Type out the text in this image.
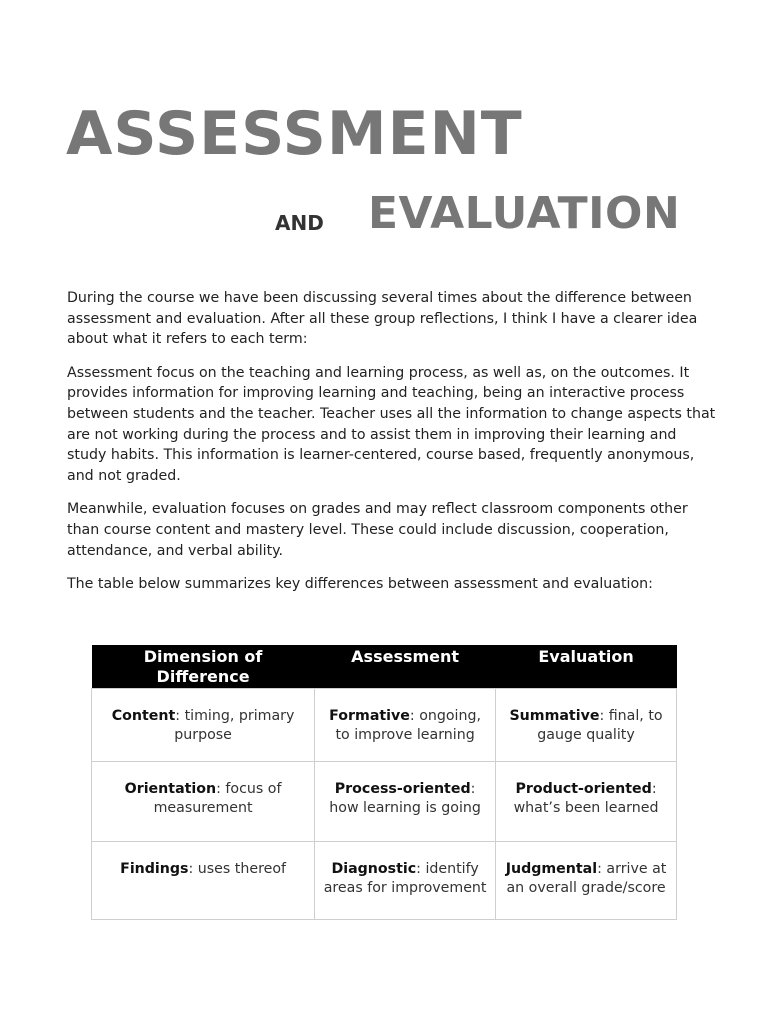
ASSESSMENT
AND EVALUATION

During the course we have been discussing several times about the difference between assessment and evaluation. After all these group reflections, I think I have a clearer idea about what it refers to each term:

Assessment focus on the teaching and learning process, as well as, on the outcomes. It provides information for improving learning and teaching, being an interactive process between students and the teacher. Teacher uses all the information to change aspects that are not working during the process and to assist them in improving their learning and study habits. This information is learner-centered, course based, frequently anonymous, and not graded.

Meanwhile, evaluation focuses on grades and may reflect classroom components other than course content and mastery level. These could include discussion, cooperation, attendance, and verbal ability.

The table below summarizes key differences between assessment and evaluation:

Dimension of Difference	Assessment	Evaluation
Content: timing, primary purpose	Formative: ongoing, to improve learning	Summative: final, to gauge quality
Orientation: focus of measurement	Process-oriented: how learning is going	Product-oriented: what’s been learned
Findings: uses thereof	Diagnostic: identify areas for improvement	Judgmental: arrive at an overall grade/score
